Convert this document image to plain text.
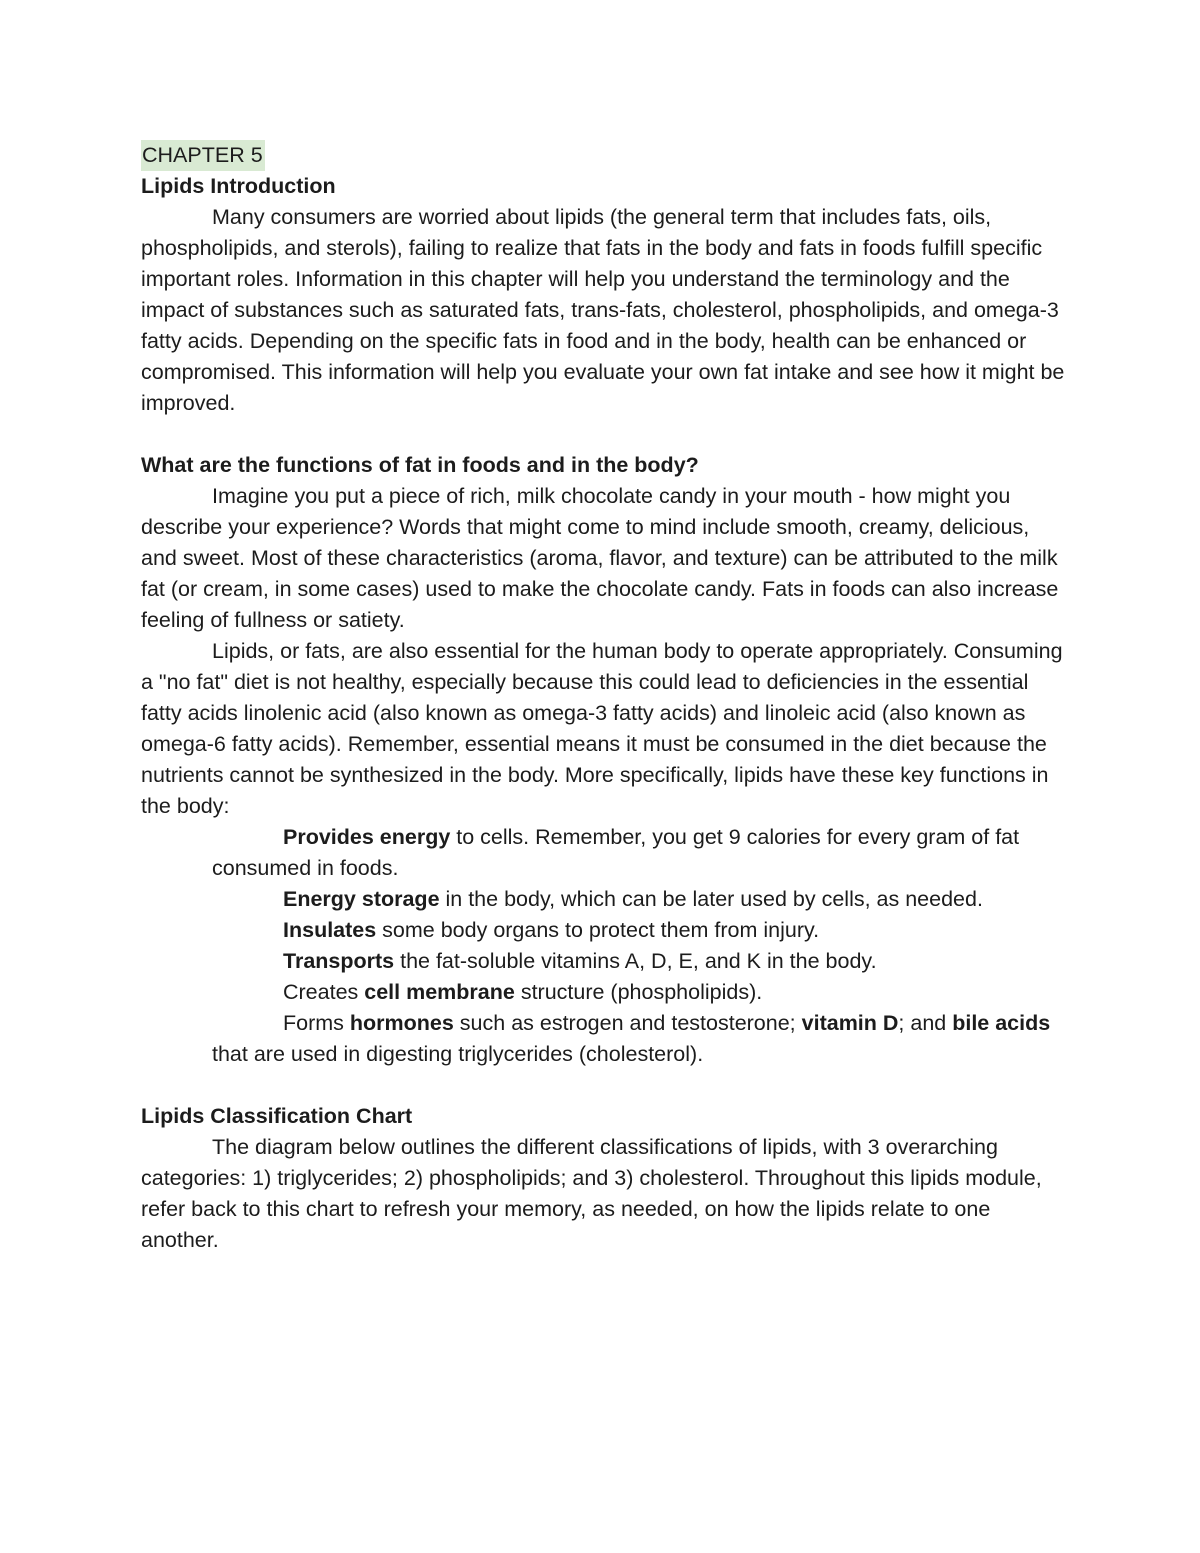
CHAPTER 5

Lipids Introduction

Many consumers are worried about lipids (the general term that includes fats, oils, phospholipids, and sterols), failing to realize that fats in the body and fats in foods fulfill specific important roles. Information in this chapter will help you understand the terminology and the impact of substances such as saturated fats, trans-fats, cholesterol, phospholipids, and omega-3 fatty acids. Depending on the specific fats in food and in the body, health can be enhanced or compromised. This information will help you evaluate your own fat intake and see how it might be improved.

What are the functions of fat in foods and in the body?

Imagine you put a piece of rich, milk chocolate candy in your mouth - how might you describe your experience? Words that might come to mind include smooth, creamy, delicious, and sweet. Most of these characteristics (aroma, flavor, and texture) can be attributed to the milk fat (or cream, in some cases) used to make the chocolate candy. Fats in foods can also increase feeling of fullness or satiety.

Lipids, or fats, are also essential for the human body to operate appropriately. Consuming a "no fat" diet is not healthy, especially because this could lead to deficiencies in the essential fatty acids linolenic acid (also known as omega-3 fatty acids) and linoleic acid (also known as omega-6 fatty acids). Remember, essential means it must be consumed in the diet because the nutrients cannot be synthesized in the body. More specifically, lipids have these key functions in the body:

Provides energy to cells. Remember, you get 9 calories for every gram of fat consumed in foods.

Energy storage in the body, which can be later used by cells, as needed.

Insulates some body organs to protect them from injury.

Transports the fat-soluble vitamins A, D, E, and K in the body.

Creates cell membrane structure (phospholipids).

Forms hormones such as estrogen and testosterone; vitamin D; and bile acids that are used in digesting triglycerides (cholesterol).

Lipids Classification Chart

The diagram below outlines the different classifications of lipids, with 3 overarching categories: 1) triglycerides; 2) phospholipids; and 3) cholesterol. Throughout this lipids module, refer back to this chart to refresh your memory, as needed, on how the lipids relate to one another.
